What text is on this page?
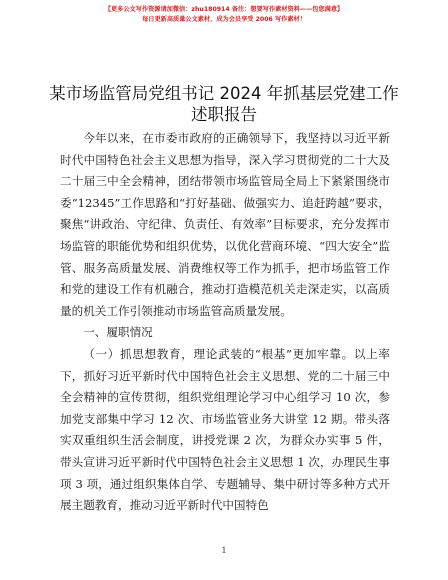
【更多公文写作资源请加微信：zhu180914 备注：想要写作素材资料——包您满意】
每日更新高质量公文素材，成为会员享受 2006 写作素材！
某市场监管局党组书记 2024 年抓基层党建工作
述职报告

今年以来，在市委市政府的正确领导下，我坚持以习近平新时代中国特色社会主义思想为指导，深入学习贯彻党的二十大及二十届三中全会精神，团结带领市场监管局全局上下紧紧围绕市委“12345”工作思路和“打好基础、做强实力、追赶跨越”要求，聚焦“讲政治、守纪律、负责任、有效率”目标要求，充分发挥市场监管的职能优势和组织优势，以优化营商环境、“四大安全”监管、服务高质量发展、消费维权等工作为抓手，把市场监管工作和党的建设工作有机融合，推动打造模范机关走深走实，以高质量的机关工作引领推动市场监管高质量发展。

一、履职情况

（一）抓思想教育，理论武装的“根基”更加牢靠。以上率下，抓好习近平新时代中国特色社会主义思想、党的二十届三中全会精神的宣传贯彻，组织党组理论学习中心组学习 10 次，参加党支部集中学习 12 次、市场监管业务大讲堂 12 期。带头落实双重组织生活会制度，讲授党课 2 次，为群众办实事 5 件，带头宣讲习近平新时代中国特色社会主义思想 1 次，办理民生事项 3 项，通过组织集体自学、专题辅导、集中研讨等多种方式开展主题教育，推动习近平新时代中国特色

1
